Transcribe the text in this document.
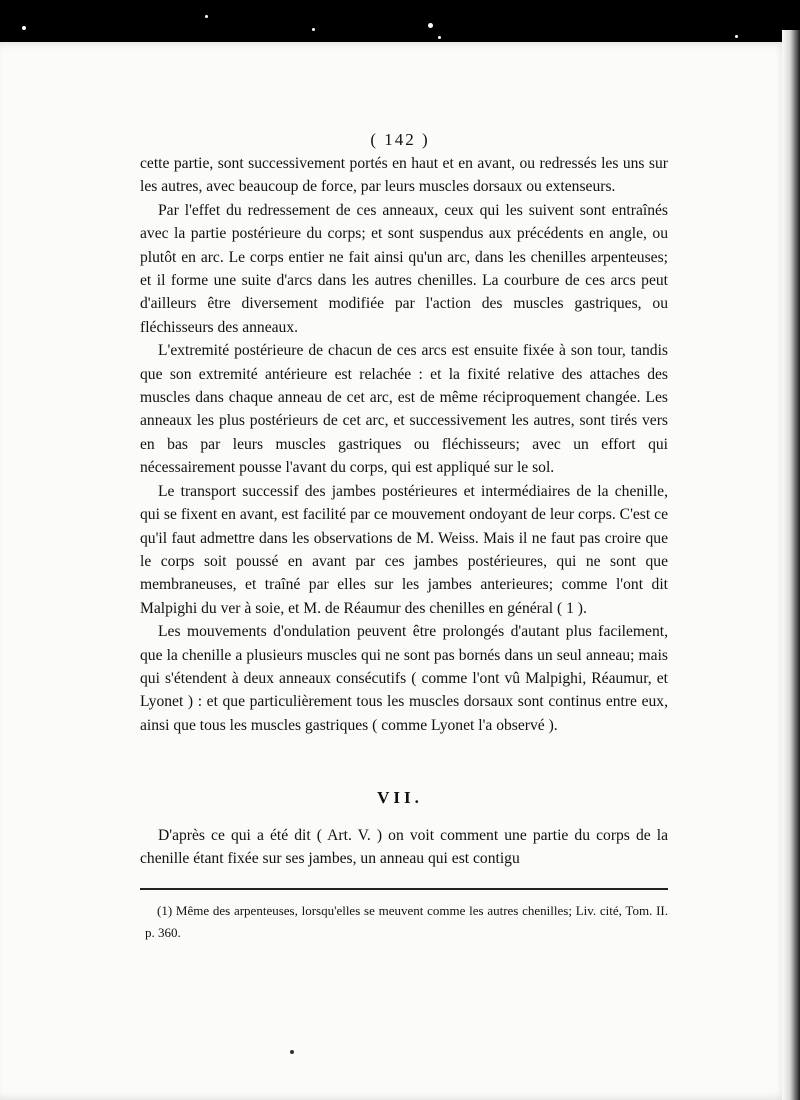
( 142 )

cette partie, sont successivement portés en haut et en avant, ou redressés les uns sur les autres, avec beaucoup de force, par leurs muscles dorsaux ou extenseurs.

Par l'effet du redressement de ces anneaux, ceux qui les suivent sont entraînés avec la partie postérieure du corps; et sont suspendus aux précédents en angle, ou plutôt en arc. Le corps entier ne fait ainsi qu'un arc, dans les chenilles arpenteuses; et il forme une suite d'arcs dans les autres chenilles. La courbure de ces arcs peut d'ailleurs être diversement modifiée par l'action des muscles gastriques, ou fléchisseurs des anneaux.

L'extremité postérieure de chacun de ces arcs est ensuite fixée à son tour, tandis que son extremité antérieure est relachée : et la fixité relative des attaches des muscles dans chaque anneau de cet arc, est de même réciproquement changée. Les anneaux les plus postérieurs de cet arc, et successivement les autres, sont tirés vers en bas par leurs muscles gastriques ou fléchisseurs; avec un effort qui nécessairement pousse l'avant du corps, qui est appliqué sur le sol.

Le transport successif des jambes postérieures et intermédiaires de la chenille, qui se fixent en avant, est facilité par ce mouvement ondoyant de leur corps. C'est ce qu'il faut admettre dans les observations de M. Weiss. Mais il ne faut pas croire que le corps soit poussé en avant par ces jambes postérieures, qui ne sont que membraneuses, et traîné par elles sur les jambes anterieures; comme l'ont dit Malpighi du ver à soie, et M. de Réaumur des chenilles en général ( 1 ).

Les mouvements d'ondulation peuvent être prolongés d'autant plus facilement, que la chenille a plusieurs muscles qui ne sont pas bornés dans un seul anneau; mais qui s'étendent à deux anneaux consécutifs ( comme l'ont vû Malpighi, Réaumur, et Lyonet ) : et que particulièrement tous les muscles dorsaux sont continus entre eux, ainsi que tous les muscles gastriques ( comme Lyonet l'a observé ).

VII.

D'après ce qui a été dit ( Art. V. ) on voit comment une partie du corps de la chenille étant fixée sur ses jambes, un anneau qui est contigu

(1) Même des arpenteuses, lorsqu'elles se meuvent comme les autres chenilles; Liv. cité, Tom. II. p. 360.
